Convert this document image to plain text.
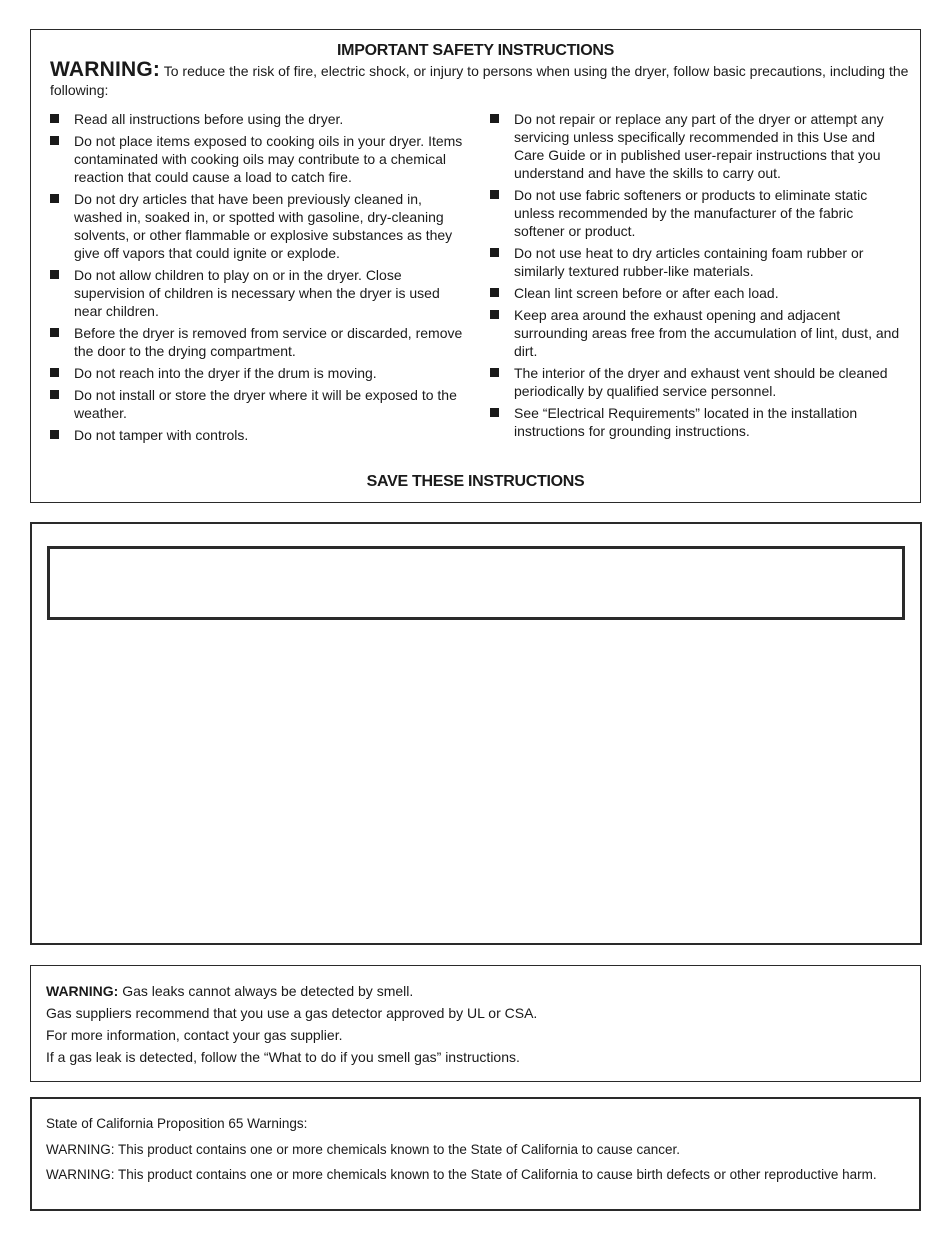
IMPORTANT SAFETY INSTRUCTIONS
WARNING: To reduce the risk of fire, electric shock, or injury to persons when using the dryer, follow basic precautions, including the following:
Read all instructions before using the dryer.
Do not place items exposed to cooking oils in your dryer. Items contaminated with cooking oils may contribute to a chemical reaction that could cause a load to catch fire.
Do not dry articles that have been previously cleaned in, washed in, soaked in, or spotted with gasoline, dry-cleaning solvents, or other flammable or explosive substances as they give off vapors that could ignite or explode.
Do not allow children to play on or in the dryer. Close supervision of children is necessary when the dryer is used near children.
Before the dryer is removed from service or discarded, remove the door to the drying compartment.
Do not reach into the dryer if the drum is moving.
Do not install or store the dryer where it will be exposed to the weather.
Do not tamper with controls.
Do not repair or replace any part of the dryer or attempt any servicing unless specifically recommended in this Use and Care Guide or in published user-repair instructions that you understand and have the skills to carry out.
Do not use fabric softeners or products to eliminate static unless recommended by the manufacturer of the fabric softener or product.
Do not use heat to dry articles containing foam rubber or similarly textured rubber-like materials.
Clean lint screen before or after each load.
Keep area around the exhaust opening and adjacent surrounding areas free from the accumulation of lint, dust, and dirt.
The interior of the dryer and exhaust vent should be cleaned periodically by qualified service personnel.
See “Electrical Requirements” located in the installation instructions for grounding instructions.
SAVE THESE INSTRUCTIONS
WARNING: Gas leaks cannot always be detected by smell.
Gas suppliers recommend that you use a gas detector approved by UL or CSA.
For more information, contact your gas supplier.
If a gas leak is detected, follow the “What to do if you smell gas” instructions.
State of California Proposition 65 Warnings:
WARNING: This product contains one or more chemicals known to the State of California to cause cancer.
WARNING: This product contains one or more chemicals known to the State of California to cause birth defects or other reproductive harm.
